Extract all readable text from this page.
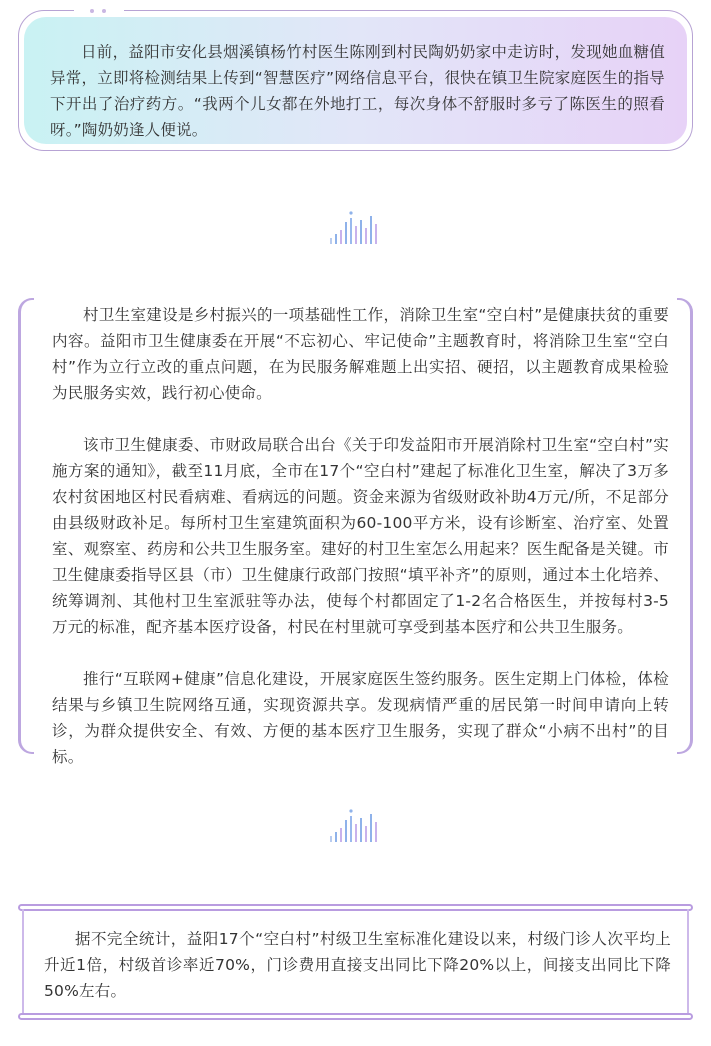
日前，益阳市安化县烟溪镇杨竹村医生陈刚到村民陶奶奶家中走访时，发现她血糖值异常，立即将检测结果上传到“智慧医疗”网络信息平台，很快在镇卫生院家庭医生的指导下开出了治疗药方。“我两个儿女都在外地打工，每次身体不舒服时多亏了陈医生的照看呀。”陶奶奶逢人便说。

村卫生室建设是乡村振兴的一项基础性工作，消除卫生室“空白村”是健康扶贫的重要内容。益阳市卫生健康委在开展“不忘初心、牢记使命”主题教育时，将消除卫生室“空白村”作为立行立改的重点问题，在为民服务解难题上出实招、硬招，以主题教育成果检验为民服务实效，践行初心使命。

该市卫生健康委、市财政局联合出台《关于印发益阳市开展消除村卫生室“空白村”实施方案的通知》，截至11月底，全市在17个“空白村”建起了标准化卫生室，解决了3万多农村贫困地区村民看病难、看病远的问题。资金来源为省级财政补助4万元/所，不足部分由县级财政补足。每所村卫生室建筑面积为60-100平方米，设有诊断室、治疗室、处置室、观察室、药房和公共卫生服务室。建好的村卫生室怎么用起来？医生配备是关键。市卫生健康委指导区县（市）卫生健康行政部门按照“填平补齐”的原则，通过本土化培养、统筹调剂、其他村卫生室派驻等办法，使每个村都固定了1-2名合格医生，并按每村3-5万元的标准，配齐基本医疗设备，村民在村里就可享受到基本医疗和公共卫生服务。

推行“互联网+健康”信息化建设，开展家庭医生签约服务。医生定期上门体检，体检结果与乡镇卫生院网络互通，实现资源共享。发现病情严重的居民第一时间申请向上转诊，为群众提供安全、有效、方便的基本医疗卫生服务，实现了群众“小病不出村”的目标。

据不完全统计，益阳17个“空白村”村级卫生室标准化建设以来，村级门诊人次平均上升近1倍，村级首诊率近70%，门诊费用直接支出同比下降20%以上，间接支出同比下降50%左右。
